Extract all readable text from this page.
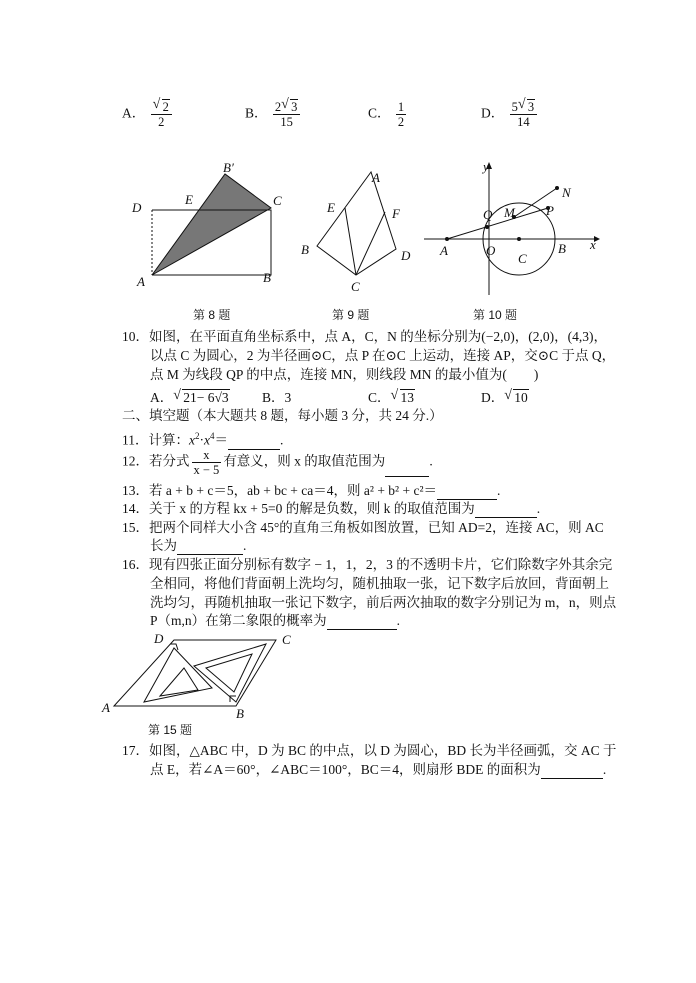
A． $\frac{√ 2}{2}$	B． $\frac{2 √ 3}{15}$	C． $\frac{1}{2}$	D． $\frac{5 √ 3}{14}$
B′
D
E	C
A	B
第 8 题
A
E	F
B	D
C
第 9 题
y
N
Q M P
A	O
C
B x
第 10 题
10．如图，在平面直角坐标系中，点 A，C，N 的坐标分别为(−2,0)，(2,0)，(4,3)，
以点 C 为圆心，2 为半径画⊙C，点 P 在⊙C 上运动，连接 AP，交⊙C 于点 Q，
点 M 为线段 QP 的中点，连接 MN，则线段 MN 的最小值为(　　)
A． √ 21− 6√3 B．3	C． √ 13	D． √ 10
二、填空题（本大题共 8 题，每小题 3 分，共 24 分.）
11．计算：$x^2\cdot x^4=$	.
12．若分式 $\frac{x}{x - 5}$ 有意义，则 x 的取值范围为	.
13．若 a + b + c＝5，ab + bc + ca＝4，则 a² + b² + c²＝	.
14．关于 x 的方程 kx + 5=0 的解是负数，则 k 的取值范围为	.
15．把两个同样大小含 45°的直角三角板如图放置，已知 AD=2，连接 AC，则 AC
长为	.
16．现有四张正面分别标有数字 − 1，1，2，3 的不透明卡片，它们除数字外其余完
全相同，将他们背面朝上洗均匀，随机抽取一张，记下数字后放回，背面朝上
洗均匀，再随机抽取一张记下数字，前后两次抽取的数字分别记为 m，n，则点
P（m,n）在第二象限的概率为	.
D	C
A	B
第 15 题
17．如图，△ABC 中，D 为 BC 的中点，以 D 为圆心，BD 长为半径画弧，交 AC 于
点 E，若∠A＝60°，∠ABC＝100°，BC＝4，则扇形 BDE 的面积为	.
